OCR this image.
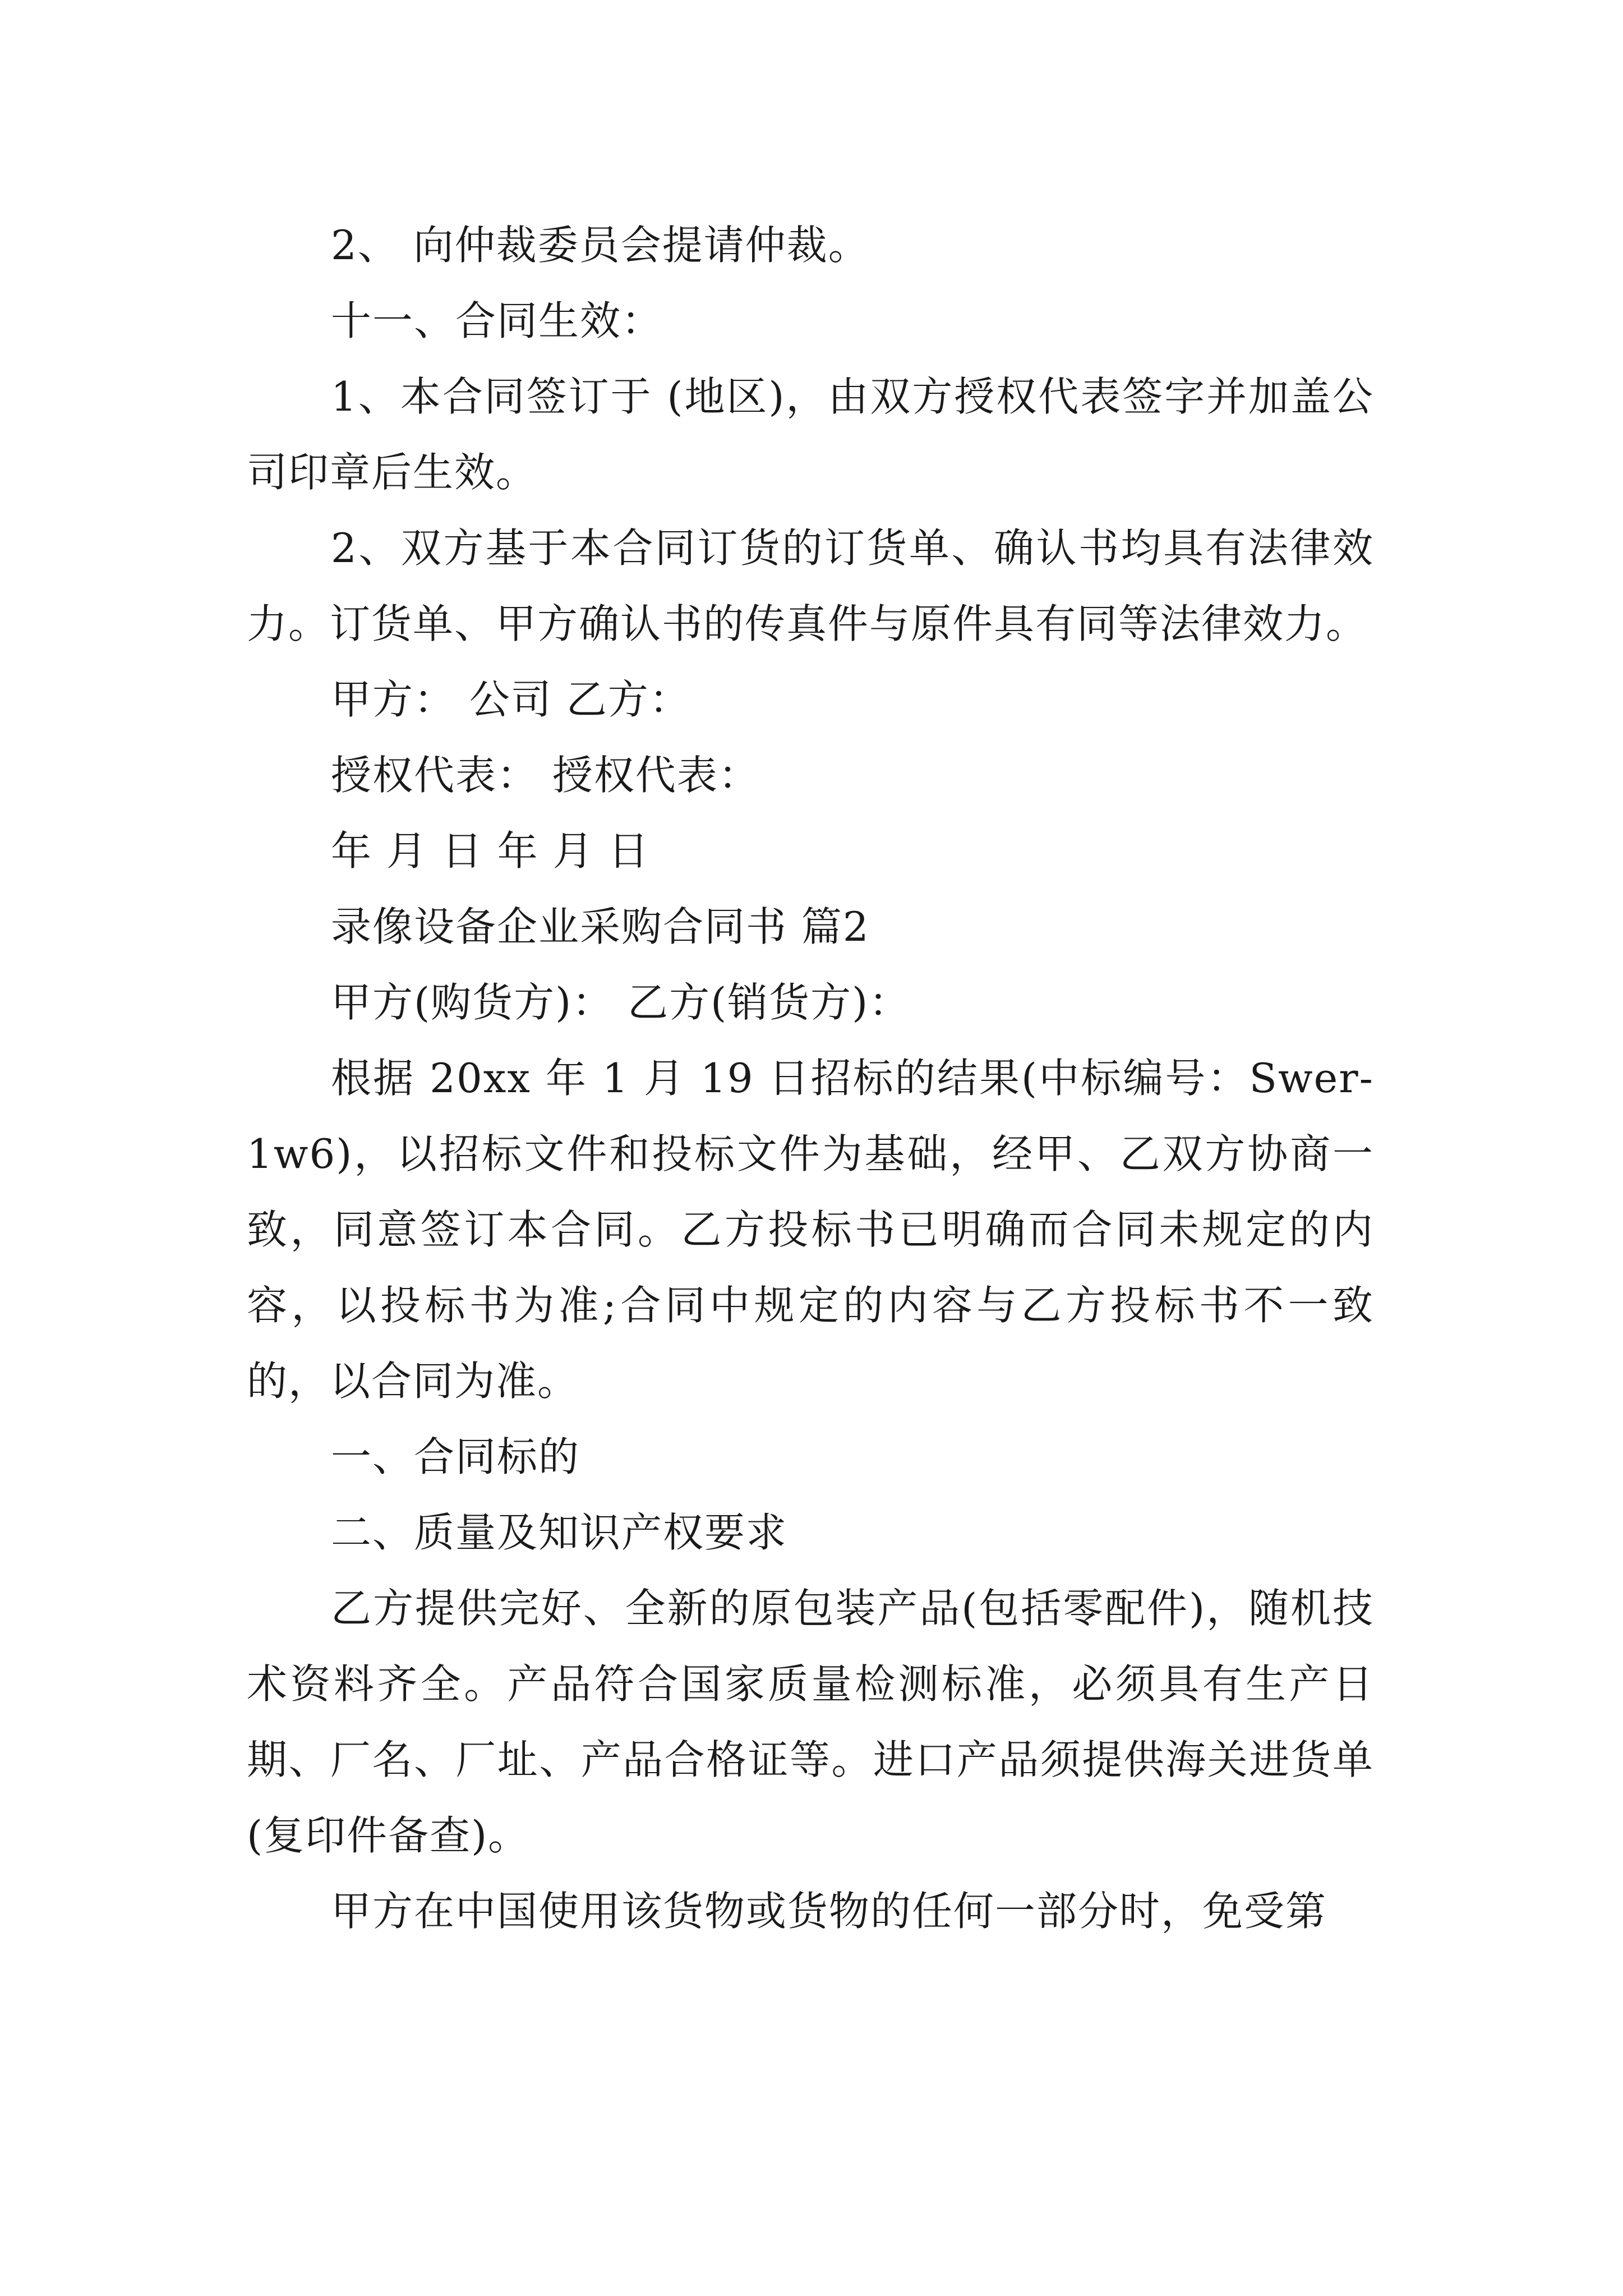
2、 向仲裁委员会提请仲裁。

十一、合同生效：

1、本合同签订于 (地区)，由双方授权代表签字并加盖公司印章后生效。

2、双方基于本合同订货的订货单、确认书均具有法律效力。订货单、甲方确认书的传真件与原件具有同等法律效力。

甲方： 公司 乙方：

授权代表： 授权代表：

年 月 日 年 月 日

录像设备企业采购合同书 篇2

甲方(购货方)： 乙方(销货方)：

根据 20xx 年 1 月 19 日招标的结果(中标编号：Swer-1w6)，以招标文件和投标文件为基础，经甲、乙双方协商一致，同意签订本合同。乙方投标书已明确而合同未规定的内容，以投标书为准;合同中规定的内容与乙方投标书不一致的，以合同为准。

一、合同标的

二、质量及知识产权要求

乙方提供完好、全新的原包装产品(包括零配件)，随机技术资料齐全。产品符合国家质量检测标准，必须具有生产日期、厂名、厂址、产品合格证等。进口产品须提供海关进货单(复印件备查)。

甲方在中国使用该货物或货物的任何一部分时，免受第
